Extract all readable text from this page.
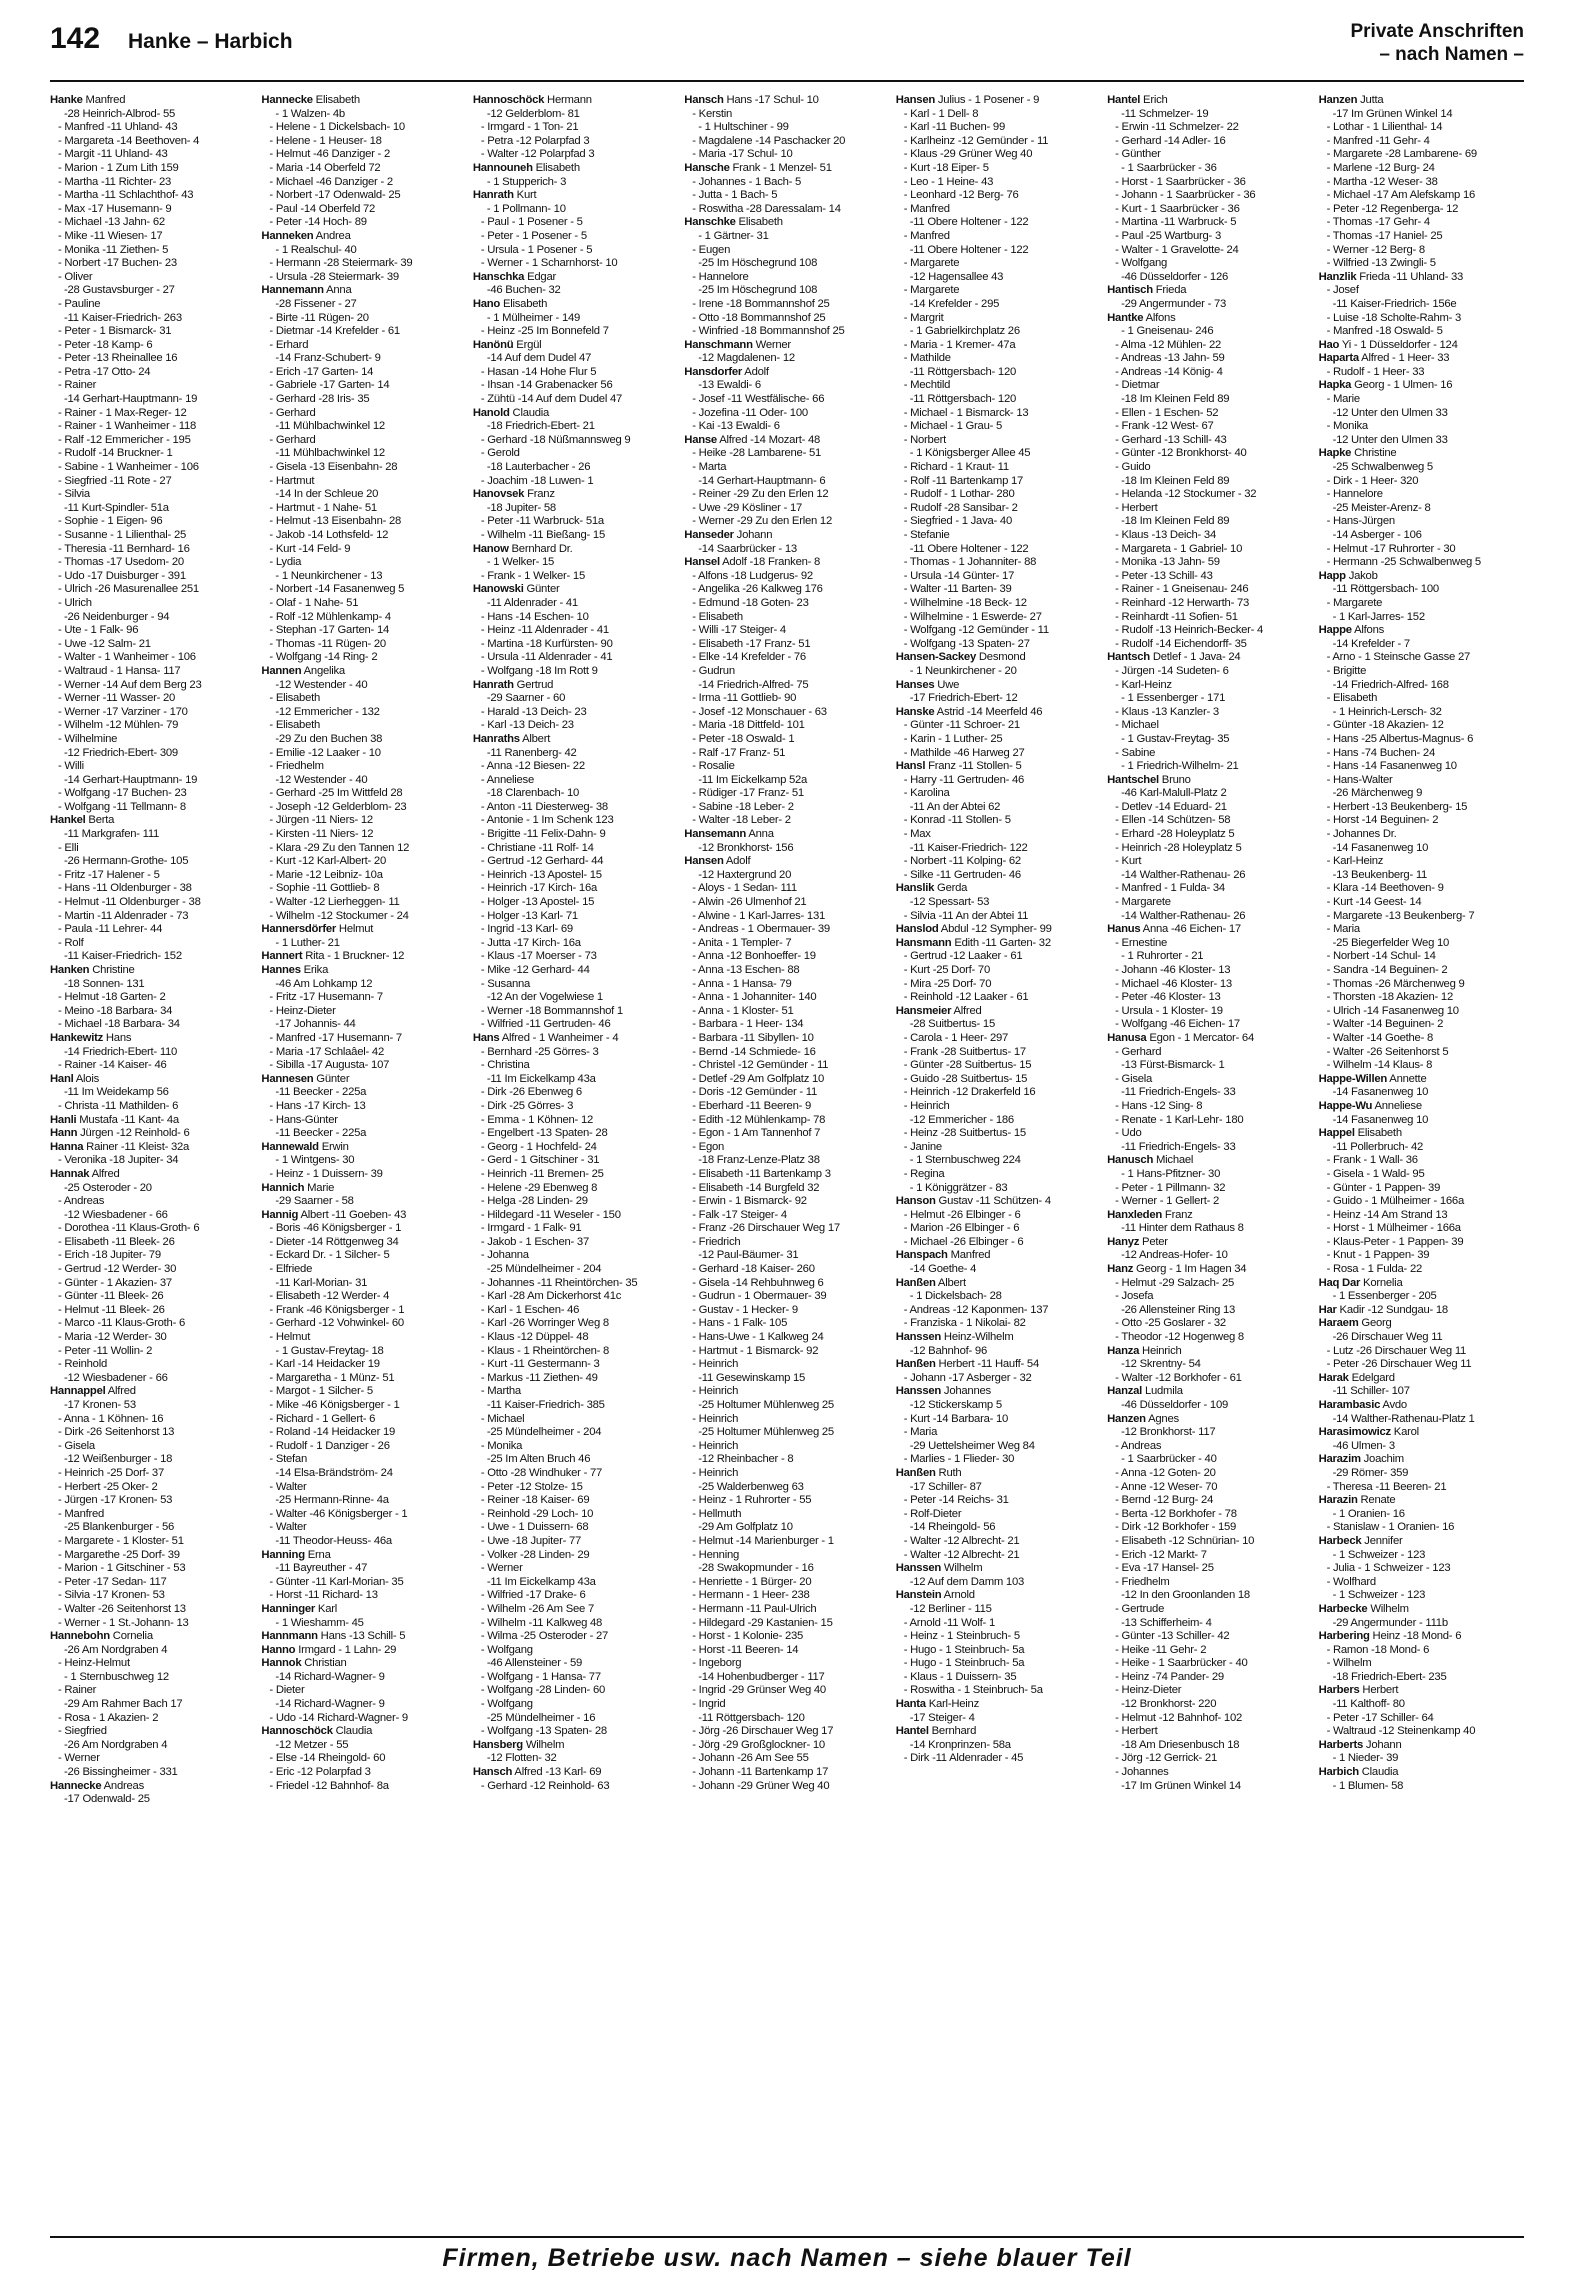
142 Hanke – Harbich	Private Anschriften
– nach Namen –
Hanke Manfred
-28 Heinrich-Albrod- 55
- Manfred -11 Uhland- 43
- Margareta -14 Beethoven- 4
- Margit -11 Uhland- 43
- Marion - 1 Zum Lith 159
- Martha -11 Richter- 23
- Martha -11 Schlachthof- 43
- Max -17 Husemann- 9
- Michael -13 Jahn- 62
- Mike -11 Wiesen- 17
- Monika -11 Ziethen- 5
- Norbert -17 Buchen- 23
- Oliver
-28 Gustavsburger - 27
- Pauline
-11 Kaiser-Friedrich- 263
- Peter - 1 Bismarck- 31
- Peter -18 Kamp- 6
- Peter -13 Rheinallee 16
- Petra -17 Otto- 24
- Rainer
-14 Gerhart-Hauptmann- 19
- Rainer - 1 Max-Reger- 12
- Rainer - 1 Wanheimer - 118
- Ralf -12 Emmericher - 195
- Rudolf -14 Bruckner- 1
- Sabine - 1 Wanheimer - 106
- Siegfried -11 Rote - 27
- Silvia
-11 Kurt-Spindler- 51a
- Sophie - 1 Eigen- 96
- Susanne - 1 Lilienthal- 25
- Theresia -11 Bernhard- 16
- Thomas -17 Usedom- 20
- Udo -17 Duisburger - 391
- Ulrich -26 Masurenallee 251
- Ulrich
-26 Neidenburger - 94
- Ute - 1 Falk- 96
- Uwe -12 Salm- 21
- Walter - 1 Wanheimer - 106
- Waltraud - 1 Hansa- 117
- Werner -14 Auf dem Berg 23
- Werner -11 Wasser- 20
- Werner -17 Varziner - 170
- Wilhelm -12 Mühlen- 79
- Wilhelmine
-12 Friedrich-Ebert- 309
- Willi
-14 Gerhart-Hauptmann- 19
- Wolfgang -17 Buchen- 23
- Wolfgang -11 Tellmann- 8
Hankel Berta
-11 Markgrafen- 111
- Elli
-26 Hermann-Grothe- 105
- Fritz -17 Halener - 5
- Hans -11 Oldenburger - 38
- Helmut -11 Oldenburger - 38
- Martin -11 Aldenrader - 73
- Paula -11 Lehrer- 44
- Rolf
-11 Kaiser-Friedrich- 152
Hanken Christine
-18 Sonnen- 131
- Helmut -18 Garten- 2
- Meino -18 Barbara- 34
- Michael -18 Barbara- 34
Hankewitz Hans
-14 Friedrich-Ebert- 110
- Rainer -14 Kaiser- 46
Hanl Alois
-11 Im Weidekamp 56
- Christa -11 Mathilden- 6
Hanli Mustafa -11 Kant- 4a
Hann Jürgen -12 Reinhold- 6
Hanna Rainer -11 Kleist- 32a
- Veronika -18 Jupiter- 34
Hannak Alfred
-25 Osteroder - 20
- Andreas
-12 Wiesbadener - 66
- Dorothea -11 Klaus-Groth- 6
- Elisabeth -11 Bleek- 26
- Erich -18 Jupiter- 79
- Gertrud -12 Werder- 30
- Günter - 1 Akazien- 37
- Günter -11 Bleek- 26
- Helmut -11 Bleek- 26
- Marco -11 Klaus-Groth- 6
- Maria -12 Werder- 30
- Peter -11 Wollin- 2
- Reinhold
-12 Wiesbadener - 66
Hannappel Alfred
-17 Kronen- 53
- Anna - 1 Köhnen- 16
- Dirk -26 Seitenhorst 13
- Gisela
-12 Weißenburger - 18
- Heinrich -25 Dorf- 37
- Herbert -25 Oker- 2
- Jürgen -17 Kronen- 53
- Manfred
-25 Blankenburger - 56
- Margarete - 1 Kloster- 51
- Margarethe -25 Dorf- 39
- Marion - 1 Gitschiner - 53
- Peter -17 Sedan- 117
- Silvia -17 Kronen- 53
- Walter -26 Seitenhorst 13
- Werner - 1 St.-Johann- 13
Hannebohn Cornelia
-26 Am Nordgraben 4
- Heinz-Helmut
- 1 Sternbuschweg 12
- Rainer
-29 Am Rahmer Bach 17
- Rosa - 1 Akazien- 2
- Siegfried
-26 Am Nordgraben 4
- Werner
-26 Bissingheimer - 331
Hannecke Andreas
-17 Odenwald- 25
Hannecke Elisabeth
- 1 Walzen- 4b
- Helene - 1 Dickelsbach- 10
- Helene - 1 Heuser- 18
- Helmut -46 Danziger - 2
- Maria -14 Oberfeld 72
- Michael -46 Danziger - 2
- Norbert -17 Odenwald- 25
- Paul -14 Oberfeld 72
- Peter -14 Hoch- 89
Hanneken Andrea
- 1 Realschul- 40
- Hermann -28 Steiermark- 39
- Ursula -28 Steiermark- 39
Hannemann Anna
-28 Fissener - 27
- Birte -11 Rügen- 20
- Dietmar -14 Krefelder - 61
- Erhard
-14 Franz-Schubert- 9
- Erich -17 Garten- 14
- Gabriele -17 Garten- 14
- Gerhard -28 Iris- 35
- Gerhard
-11 Mühlbachwinkel 12
- Gerhard
-11 Mühlbachwinkel 12
- Gisela -13 Eisenbahn- 28
- Hartmut
-14 In der Schleue 20
- Hartmut - 1 Nahe- 51
- Helmut -13 Eisenbahn- 28
- Jakob -14 Lothsfeld- 12
- Kurt -14 Feld- 9
- Lydia
- 1 Neunkirchener - 13
- Norbert -14 Fasanenweg 5
- Olaf - 1 Nahe- 51
- Rolf -12 Mühlenkamp- 4
- Stephan -17 Garten- 14
- Thomas -11 Rügen- 20
- Wolfgang -14 Ring- 2
Hannen Angelika
-12 Westender - 40
- Elisabeth
-12 Emmericher - 132
- Elisabeth
-29 Zu den Buchen 38
- Emilie -12 Laaker - 10
- Friedhelm
-12 Westender - 40
- Gerhard -25 Im Wittfeld 28
- Joseph -12 Gelderblom- 23
- Jürgen -11 Niers- 12
- Kirsten -11 Niers- 12
- Klara -29 Zu den Tannen 12
- Kurt -12 Karl-Albert- 20
- Marie -12 Leibniz- 10a
- Sophie -11 Gottlieb- 8
- Walter -12 Lierheggen- 11
- Wilhelm -12 Stockumer - 24
Hannersdörfer Helmut
- 1 Luther- 21
Hannert Rita - 1 Bruckner- 12
Hannes Erika
-46 Am Lohkamp 12
- Fritz -17 Husemann- 7
- Heinz-Dieter
-17 Johannis- 44
- Manfred -17 Husemann- 7
- Maria -17 Schlaâel- 42
- Sibilla -17 Augusta- 107
Hannesen Günter
-11 Beecker - 225a
- Hans -17 Kirch- 13
- Hans-Günter
-11 Beecker - 225a
Hannewald Erwin
- 1 Wintgens- 30
- Heinz - 1 Duissern- 39
Hannich Marie
-29 Saarner - 58
Hannig Albert -11 Goeben- 43
- Boris -46 Königsberger - 1
- Dieter -14 Röttgenweg 34
- Eckard Dr. - 1 Silcher- 5
- Elfriede
-11 Karl-Morian- 31
- Elisabeth -12 Werder- 4
- Frank -46 Königsberger - 1
- Gerhard -12 Vohwinkel- 60
- Helmut
- 1 Gustav-Freytag- 18
- Karl -14 Heidacker 19
- Margaretha - 1 Münz- 51
- Margot - 1 Silcher- 5
- Mike -46 Königsberger - 1
- Richard - 1 Gellert- 6
- Roland -14 Heidacker 19
- Rudolf - 1 Danziger - 26
- Stefan
-14 Elsa-Brändström- 24
- Walter
-25 Hermann-Rinne- 4a
- Walter -46 Königsberger - 1
- Walter
-11 Theodor-Heuss- 46a
Hanning Erna
-11 Bayreuther - 47
- Günter -11 Karl-Morian- 35
- Horst -11 Richard- 13
Hanninger Karl
- 1 Wieshamm- 45
Hannmann Hans -13 Schill- 5
Hanno Irmgard - 1 Lahn- 29
Hannok Christian
-14 Richard-Wagner- 9
- Dieter
-14 Richard-Wagner- 9
- Udo -14 Richard-Wagner- 9
Hannoschöck Claudia
-12 Metzer - 55
- Else -14 Rheingold- 60
- Eric -12 Polarpfad 3
- Friedel -12 Bahnhof- 8a
Hannoschöck Hermann
-12 Gelderblom- 81
- Irmgard - 1 Ton- 21
- Petra -12 Polarpfad 3
- Walter -12 Polarpfad 3
Hannouneh Elisabeth
- 1 Stupperich- 3
Hanrath Kurt
- 1 Pollmann- 10
- Paul - 1 Posener - 5
- Peter - 1 Posener - 5
- Ursula - 1 Posener - 5
- Werner - 1 Scharnhorst- 10
Hanschka Edgar
-46 Buchen- 32
Hano Elisabeth
- 1 Mülheimer - 149
- Heinz -25 Im Bonnefeld 7
Hanönü Ergül
-14 Auf dem Dudel 47
- Hasan -14 Hohe Flur 5
- Ihsan -14 Grabenacker 56
- Zühtü -14 Auf dem Dudel 47
Hanold Claudia
-18 Friedrich-Ebert- 21
- Gerhard -18 Nüßmannsweg 9
- Gerold
-18 Lauterbacher - 26
- Joachim -18 Luwen- 1
Hanovsek Franz
-18 Jupiter- 58
- Peter -11 Warbruck- 51a
- Wilhelm -11 Bießang- 15
Hanow Bernhard Dr.
- 1 Welker- 15
- Frank - 1 Welker- 15
Hanowski Günter
-11 Aldenrader - 41
- Hans -14 Eschen- 10
- Heinz -11 Aldenrader - 41
- Martina -18 Kurfürsten- 90
- Ursula -11 Aldenrader - 41
- Wolfgang -18 Im Rott 9
Hanrath Gertrud
-29 Saarner - 60
- Harald -13 Deich- 23
- Karl -13 Deich- 23
Hanraths Albert
-11 Ranenberg- 42
- Anna -12 Biesen- 22
- Anneliese
-18 Clarenbach- 10
- Anton -11 Diesterweg- 38
- Antonie - 1 Im Schenk 123
- Brigitte -11 Felix-Dahn- 9
- Christiane -11 Rolf- 14
- Gertrud -12 Gerhard- 44
- Heinrich -13 Apostel- 15
- Heinrich -17 Kirch- 16a
- Holger -13 Apostel- 15
- Holger -13 Karl- 71
- Ingrid -13 Karl- 69
- Jutta -17 Kirch- 16a
- Klaus -17 Moerser - 73
- Mike -12 Gerhard- 44
- Susanna
-12 An der Vogelwiese 1
- Werner -18 Bommannshof 1
- Wilfried -11 Gertruden- 46
Hans Alfred - 1 Wanheimer - 4
- Bernhard -25 Görres- 3
- Christina
-11 Im Eickelkamp 43a
- Dirk -26 Ebenweg 6
- Dirk -25 Görres- 3
- Emma - 1 Köhnen- 12
- Engelbert -13 Spaten- 28
- Georg - 1 Hochfeld- 24
- Gerd - 1 Gitschiner - 31
- Heinrich -11 Bremen- 25
- Helene -29 Ebenweg 8
- Helga -28 Linden- 29
- Hildegard -11 Weseler - 150
- Irmgard - 1 Falk- 91
- Jakob - 1 Eschen- 37
- Johanna
-25 Mündelheimer - 204
- Johannes -11 Rheintörchen- 35
- Karl -28 Am Dickerhorst 41c
- Karl - 1 Eschen- 46
- Karl -26 Worringer Weg 8
- Klaus -12 Düppel- 48
- Klaus - 1 Rheintörchen- 8
- Kurt -11 Gestermann- 3
- Markus -11 Ziethen- 49
- Martha
-11 Kaiser-Friedrich- 385
- Michael
-25 Mündelheimer - 204
- Monika
-25 Im Alten Bruch 46
- Otto -28 Windhuker - 77
- Peter -12 Stolze- 15
- Reiner -18 Kaiser- 69
- Reinhold -29 Loch- 10
- Uwe - 1 Duissern- 68
- Uwe -18 Jupiter- 77
- Volker -28 Linden- 29
- Werner
-11 Im Eickelkamp 43a
- Wilfried -17 Drake- 6
- Wilhelm -26 Am See 7
- Wilhelm -11 Kalkweg 48
- Wilma -25 Osteroder - 27
- Wolfgang
-46 Allensteiner - 59
- Wolfgang - 1 Hansa- 77
- Wolfgang -28 Linden- 60
- Wolfgang
-25 Mündelheimer - 16
- Wolfgang -13 Spaten- 28
Hansberg Wilhelm
-12 Flotten- 32
Hansch Alfred -13 Karl- 69
- Gerhard -12 Reinhold- 63
Hansch Hans -17 Schul- 10
- Kerstin
- 1 Hultschiner - 99
- Magdalene -14 Paschacker 20
- Maria -17 Schul- 10
Hansche Frank - 1 Menzel- 51
- Johannes - 1 Bach- 5
- Jutta - 1 Bach- 5
- Roswitha -28 Daressalam- 14
Hanschke Elisabeth
- 1 Gärtner- 31
- Eugen
-25 Im Höschegrund 108
- Hannelore
-25 Im Höschegrund 108
- Irene -18 Bommannshof 25
- Otto -18 Bommannshof 25
- Winfried -18 Bommannshof 25
Hanschmann Werner
-12 Magdalenen- 12
Hansdorfer Adolf
-13 Ewaldi- 6
- Josef -11 Westfälische- 66
- Jozefina -11 Oder- 100
- Kai -13 Ewaldi- 6
Hanse Alfred -14 Mozart- 48
- Heike -28 Lambarene- 51
- Marta
-14 Gerhart-Hauptmann- 6
- Reiner -29 Zu den Erlen 12
- Uwe -29 Kösliner - 17
- Werner -29 Zu den Erlen 12
Hanseder Johann
-14 Saarbrücker - 13
Hansel Adolf -18 Franken- 8
- Alfons -18 Ludgerus- 92
- Angelika -26 Kalkweg 176
- Edmund -18 Goten- 23
- Elisabeth
- Willi -17 Steiger- 4
- Elisabeth -17 Franz- 51
- Elke -14 Krefelder - 76
- Gudrun
-14 Friedrich-Alfred- 75
- Irma -11 Gottlieb- 90
- Josef -12 Monschauer - 63
- Maria -18 Dittfeld- 101
- Peter -18 Oswald- 1
- Ralf -17 Franz- 51
- Rosalie
-11 Im Eickelkamp 52a
- Rüdiger -17 Franz- 51
- Sabine -18 Leber- 2
- Walter -18 Leber- 2
Hansemann Anna
-12 Bronkhorst- 156
Hansen Adolf
-12 Haxtergrund 20
- Aloys - 1 Sedan- 111
- Alwin -26 Ulmenhof 21
- Alwine - 1 Karl-Jarres- 131
- Andreas - 1 Obermauer- 39
- Anita - 1 Templer- 7
- Anna -12 Bonhoeffer- 19
- Anna -13 Eschen- 88
- Anna - 1 Hansa- 79
- Anna - 1 Johanniter- 140
- Anna - 1 Kloster- 51
- Barbara - 1 Heer- 134
- Barbara -11 Sibyllen- 10
- Bernd -14 Schmiede- 16
- Christel -12 Gemünder - 11
- Detlef -29 Am Golfplatz 10
- Doris -12 Gemünder - 11
- Eberhard -11 Beeren- 9
- Edith -12 Mühlenkamp- 78
- Egon - 1 Am Tannenhof 7
- Egon
-18 Franz-Lenze-Platz 38
- Elisabeth -11 Bartenkamp 3
- Elisabeth -14 Burgfeld 32
- Erwin - 1 Bismarck- 92
- Falk -17 Steiger- 4
- Franz -26 Dirschauer Weg 17
- Friedrich
-12 Paul-Bäumer- 31
- Gerhard -18 Kaiser- 260
- Gisela -14 Rehbuhnweg 6
- Gudrun - 1 Obermauer- 39
- Gustav - 1 Hecker- 9
- Hans - 1 Falk- 105
- Hans-Uwe - 1 Kalkweg 24
- Hartmut - 1 Bismarck- 92
- Heinrich
-11 Gesewinskamp 15
- Heinrich
-25 Holtumer Mühlenweg 25
- Heinrich
-25 Holtumer Mühlenweg 25
- Heinrich
-12 Rheinbacher - 8
- Heinrich
-25 Walderbenweg 63
- Heinz - 1 Ruhrorter - 55
- Hellmuth
-29 Am Golfplatz 10
- Helmut -14 Marienburger - 1
- Henning
-28 Swakopmunder - 16
- Henriette - 1 Bürger- 20
- Hermann - 1 Heer- 238
- Hermann -11 Paul-Ulrich
- Hildegard -29 Kastanien- 15
- Horst - 1 Kolonie- 235
- Horst -11 Beeren- 14
- Ingeborg
-14 Hohenbudberger - 117
- Ingrid -29 Grünser Weg 40
- Ingrid
-11 Röttgersbach- 120
- Jörg -26 Dirschauer Weg 17
- Jörg -29 Großglockner- 10
- Johann -26 Am See 55
- Johann -11 Bartenkamp 17
- Johann -29 Grüner Weg 40
Hansen Julius - 1 Posener - 9
- Karl - 1 Dell- 8
- Karl -11 Buchen- 99
- Karlheinz -12 Gemünder - 11
- Klaus -29 Grüner Weg 40
- Kurt -18 Eiper- 5
- Leo - 1 Heine- 43
- Leonhard -12 Berg- 76
- Manfred
-11 Obere Holtener - 122
- Manfred
-11 Obere Holtener - 122
- Margarete
-12 Hagensallee 43
- Margarete
-14 Krefelder - 295
- Margrit
- 1 Gabrielkirchplatz 26
- Maria - 1 Kremer- 47a
- Mathilde
-11 Röttgersbach- 120
- Mechtild
-11 Röttgersbach- 120
- Michael - 1 Bismarck- 13
- Michael - 1 Grau- 5
- Norbert
- 1 Königsberger Allee 45
- Richard - 1 Kraut- 11
- Rolf -11 Bartenkamp 17
- Rudolf - 1 Lothar- 280
- Rudolf -28 Sansibar- 2
- Siegfried - 1 Java- 40
- Stefanie
-11 Obere Holtener - 122
- Thomas - 1 Johanniter- 88
- Ursula -14 Günter- 17
- Walter -11 Barten- 39
- Wilhelmine -18 Beck- 12
- Wilhelmine - 1 Eswerde- 27
- Wolfgang -12 Gemünder - 11
- Wolfgang -13 Spaten- 27
Hansen-Sackey Desmond
- 1 Neunkirchener - 20
Hanses Uwe
-17 Friedrich-Ebert- 12
Hanske Astrid -14 Meerfeld 46
- Günter -11 Schroer- 21
- Karin - 1 Luther- 25
- Mathilde -46 Harweg 27
Hansl Franz -11 Stollen- 5
- Harry -11 Gertruden- 46
- Karolina
-11 An der Abtei 62
- Konrad -11 Stollen- 5
- Max
-11 Kaiser-Friedrich- 122
- Norbert -11 Kolping- 62
- Silke -11 Gertruden- 46
Hanslik Gerda
-12 Spessart- 53
- Silvia -11 An der Abtei 11
Hanslod Abdul -12 Sympher- 99
Hansmann Edith -11 Garten- 32
- Gertrud -12 Laaker - 61
- Kurt -25 Dorf- 70
- Mira -25 Dorf- 70
- Reinhold -12 Laaker - 61
Hansmeier Alfred
-28 Suitbertus- 15
- Carola - 1 Heer- 297
- Frank -28 Suitbertus- 17
- Günter -28 Suitbertus- 15
- Guido -28 Suitbertus- 15
- Heinrich -12 Drakerfeld 16
- Heinrich
-12 Emmericher - 186
- Heinz -28 Suitbertus- 15
- Janine
- 1 Sternbuschweg 224
- Regina
- 1 Königgrätzer - 83
Hanson Gustav -11 Schützen- 4
- Helmut -26 Elbinger - 6
- Marion -26 Elbinger - 6
- Michael -26 Elbinger - 6
Hanspach Manfred
-14 Goethe- 4
Hanßen Albert
- 1 Dickelsbach- 28
- Andreas -12 Kaponmen- 137
- Franziska - 1 Nikolai- 82
Hanssen Heinz-Wilhelm
-12 Bahnhof- 96
Hanßen Herbert -11 Hauff- 54
- Johann -17 Asberger - 32
Hanssen Johannes
-12 Stickerskamp 5
- Kurt -14 Barbara- 10
- Maria
-29 Uettelsheimer Weg 84
- Marlies - 1 Flieder- 30
Hanßen Ruth
-17 Schiller- 87
- Peter -14 Reichs- 31
- Rolf-Dieter
-14 Rheingold- 56
- Walter -12 Albrecht- 21
- Walter -12 Albrecht- 21
Hanssen Wilhelm
-12 Auf dem Damm 103
Hanstein Arnold
-12 Berliner - 115
- Arnold -11 Wolf- 1
- Heinz - 1 Steinbruch- 5
- Hugo - 1 Steinbruch- 5a
- Hugo - 1 Steinbruch- 5a
- Klaus - 1 Duissern- 35
- Roswitha - 1 Steinbruch- 5a
Hanta Karl-Heinz
-17 Steiger- 4
Hantel Bernhard
-14 Kronprinzen- 58a
- Dirk -11 Aldenrader - 45
Hantel Erich
-11 Schmelzer- 19
- Erwin -11 Schmelzer- 22
- Gerhard -14 Adler- 16
- Günther
- 1 Saarbrücker - 36
- Horst - 1 Saarbrücker - 36
- Johann - 1 Saarbrücker - 36
- Kurt - 1 Saarbrücker - 36
- Martina -11 Warbruck- 5
- Paul -25 Wartburg- 3
- Walter - 1 Gravelotte- 24
- Wolfgang
-46 Düsseldorfer - 126
Hantisch Frieda
-29 Angermunder - 73
Hantke Alfons
- 1 Gneisenau- 246
- Alma -12 Mühlen- 22
- Andreas -13 Jahn- 59
- Andreas -14 König- 4
- Dietmar
-18 Im Kleinen Feld 89
- Ellen - 1 Eschen- 52
- Frank -12 West- 67
- Gerhard -13 Schill- 43
- Günter -12 Bronkhorst- 40
- Guido
-18 Im Kleinen Feld 89
- Helanda -12 Stockumer - 32
- Herbert
-18 Im Kleinen Feld 89
- Klaus -13 Deich- 34
- Margareta - 1 Gabriel- 10
- Monika -13 Jahn- 59
- Peter -13 Schill- 43
- Rainer - 1 Gneisenau- 246
- Reinhard -12 Herwarth- 73
- Reinhardt -11 Sofien- 51
- Rudolf -13 Heinrich-Becker- 4
- Rudolf -14 Eichendorff- 35
Hantsch Detlef - 1 Java- 24
- Jürgen -14 Sudeten- 6
- Karl-Heinz
- 1 Essenberger - 171
- Klaus -13 Kanzler- 3
- Michael
- 1 Gustav-Freytag- 35
- Sabine
- 1 Friedrich-Wilhelm- 21
Hantschel Bruno
-46 Karl-Malull-Platz 2
- Detlev -14 Eduard- 21
- Ellen -14 Schützen- 58
- Erhard -28 Holeyplatz 5
- Heinrich -28 Holeyplatz 5
- Kurt
-14 Walther-Rathenau- 26
- Manfred - 1 Fulda- 34
- Margarete
-14 Walther-Rathenau- 26
Hanus Anna -46 Eichen- 17
- Ernestine
- 1 Ruhrorter - 21
- Johann -46 Kloster- 13
- Michael -46 Kloster- 13
- Peter -46 Kloster- 13
- Ursula - 1 Kloster- 19
- Wolfgang -46 Eichen- 17
Hanusa Egon - 1 Mercator- 64
- Gerhard
-13 Fürst-Bismarck- 1
- Gisela
-11 Friedrich-Engels- 33
- Hans -12 Sing- 8
- Renate - 1 Karl-Lehr- 180
- Udo
-11 Friedrich-Engels- 33
Hanusch Michael
- 1 Hans-Pfitzner- 30
- Peter - 1 Pillmann- 32
- Werner - 1 Gellert- 2
Hanxleden Franz
-11 Hinter dem Rathaus 8
Hanyz Peter
-12 Andreas-Hofer- 10
Hanz Georg - 1 Im Hagen 34
- Helmut -29 Salzach- 25
- Josefa
-26 Allensteiner Ring 13
- Otto -25 Goslarer - 32
- Theodor -12 Hogenweg 8
Hanza Heinrich
-12 Skrentny- 54
- Walter -12 Borkhofer - 61
Hanzal Ludmila
-46 Düsseldorfer - 109
Hanzen Agnes
-12 Bronkhorst- 117
- Andreas
- 1 Saarbrücker - 40
- Anna -12 Goten- 20
- Anne -12 Weser- 70
- Bernd -12 Burg- 24
- Berta -12 Borkhofer - 78
- Dirk -12 Borkhofer - 159
- Elisabeth -12 Schnürian- 10
- Erich -12 Markt- 7
- Eva -17 Hansel- 25
- Friedhelm
-12 In den Groonlanden 18
- Gertrude
-13 Schifferheim- 4
- Günter -13 Schiller- 42
- Heike -11 Gehr- 2
- Heike - 1 Saarbrücker - 40
- Heinz -74 Pander- 29
- Heinz-Dieter
-12 Bronkhorst- 220
- Helmut -12 Bahnhof- 102
- Herbert
-18 Am Driesenbusch 18
- Jörg -12 Gerrick- 21
- Johannes
-17 Im Grünen Winkel 14
Hanzen Jutta
-17 Im Grünen Winkel 14
- Lothar - 1 Lilienthal- 14
- Manfred -11 Gehr- 4
- Margarete -28 Lambarene- 69
- Marlene -12 Burg- 24
- Martha -12 Weser- 38
- Michael -17 Am Alefskamp 16
- Peter -12 Regenberga- 12
- Thomas -17 Gehr- 4
- Thomas -17 Haniel- 25
- Werner -12 Berg- 8
- Wilfried -13 Zwingli- 5
Hanzlik Frieda -11 Uhland- 33
- Josef
-11 Kaiser-Friedrich- 156e
- Luise -18 Scholte-Rahm- 3
- Manfred -18 Oswald- 5
Hao Yi - 1 Düsseldorfer - 124
Haparta Alfred - 1 Heer- 33
- Rudolf - 1 Heer- 33
Hapka Georg - 1 Ulmen- 16
- Marie
-12 Unter den Ulmen 33
- Monika
-12 Unter den Ulmen 33
Hapke Christine
-25 Schwalbenweg 5
- Dirk - 1 Heer- 320
- Hannelore
-25 Meister-Arenz- 8
- Hans-Jürgen
-14 Asberger - 106
- Helmut -17 Ruhrorter - 30
- Hermann -25 Schwalbenweg 5
Happ Jakob
-11 Röttgersbach- 100
- Margarete
- 1 Karl-Jarres- 152
Happe Alfons
-14 Krefelder - 7
- Arno - 1 Steinsche Gasse 27
- Brigitte
-14 Friedrich-Alfred- 168
- Elisabeth
- 1 Heinrich-Lersch- 32
- Günter -18 Akazien- 12
- Hans -25 Albertus-Magnus- 6
- Hans -74 Buchen- 24
- Hans -14 Fasanenweg 10
- Hans-Walter
-26 Märchenweg 9
- Herbert -13 Beukenberg- 15
- Horst -14 Beguinen- 2
- Johannes Dr.
-14 Fasanenweg 10
- Karl-Heinz
-13 Beukenberg- 11
- Klara -14 Beethoven- 9
- Kurt -14 Geest- 14
- Margarete -13 Beukenberg- 7
- Maria
-25 Biegerfelder Weg 10
- Norbert -14 Schul- 14
- Sandra -14 Beguinen- 2
- Thomas -26 Märchenweg 9
- Thorsten -18 Akazien- 12
- Ulrich -14 Fasanenweg 10
- Walter -14 Beguinen- 2
- Walter -14 Goethe- 8
- Walter -26 Seitenhorst 5
- Wilhelm -14 Klaus- 8
Happe-Willen Annette
-14 Fasanenweg 10
Happe-Wu Anneliese
-14 Fasanenweg 10
Happel Elisabeth
-11 Pollerbruch- 42
- Frank - 1 Wall- 36
- Gisela - 1 Wald- 95
- Günter - 1 Pappen- 39
- Guido - 1 Mülheimer - 166a
- Heinz -14 Am Strand 13
- Horst - 1 Mülheimer - 166a
- Klaus-Peter - 1 Pappen- 39
- Knut - 1 Pappen- 39
- Rosa - 1 Fulda- 22
Haq Dar Kornelia
- 1 Essenberger - 205
Har Kadir -12 Sundgau- 18
Haraem Georg
-26 Dirschauer Weg 11
- Lutz -26 Dirschauer Weg 11
- Peter -26 Dirschauer Weg 11
Harak Edelgard
-11 Schiller- 107
Harambasic Avdo
-14 Walther-Rathenau-Platz 1
Harasimowicz Karol
-46 Ulmen- 3
Harazim Joachim
-29 Römer- 359
- Theresa -11 Beeren- 21
Harazin Renate
- 1 Oranien- 16
- Stanislaw - 1 Oranien- 16
Harbeck Jennifer
- 1 Schweizer - 123
- Julia - 1 Schweizer - 123
- Wolfhard
- 1 Schweizer - 123
Harbecke Wilhelm
-29 Angermunder - 111b
Harbering Heinz -18 Mond- 6
- Ramon -18 Mond- 6
- Wilhelm
-18 Friedrich-Ebert- 235
Harbers Herbert
-11 Kalthoff- 80
- Peter -17 Schiller- 64
- Waltraud -12 Steinenkamp 40
Harberts Johann
- 1 Nieder- 39
Harbich Claudia
- 1 Blumen- 58
Firmen, Betriebe usw. nach Namen – siehe blauer Teil
